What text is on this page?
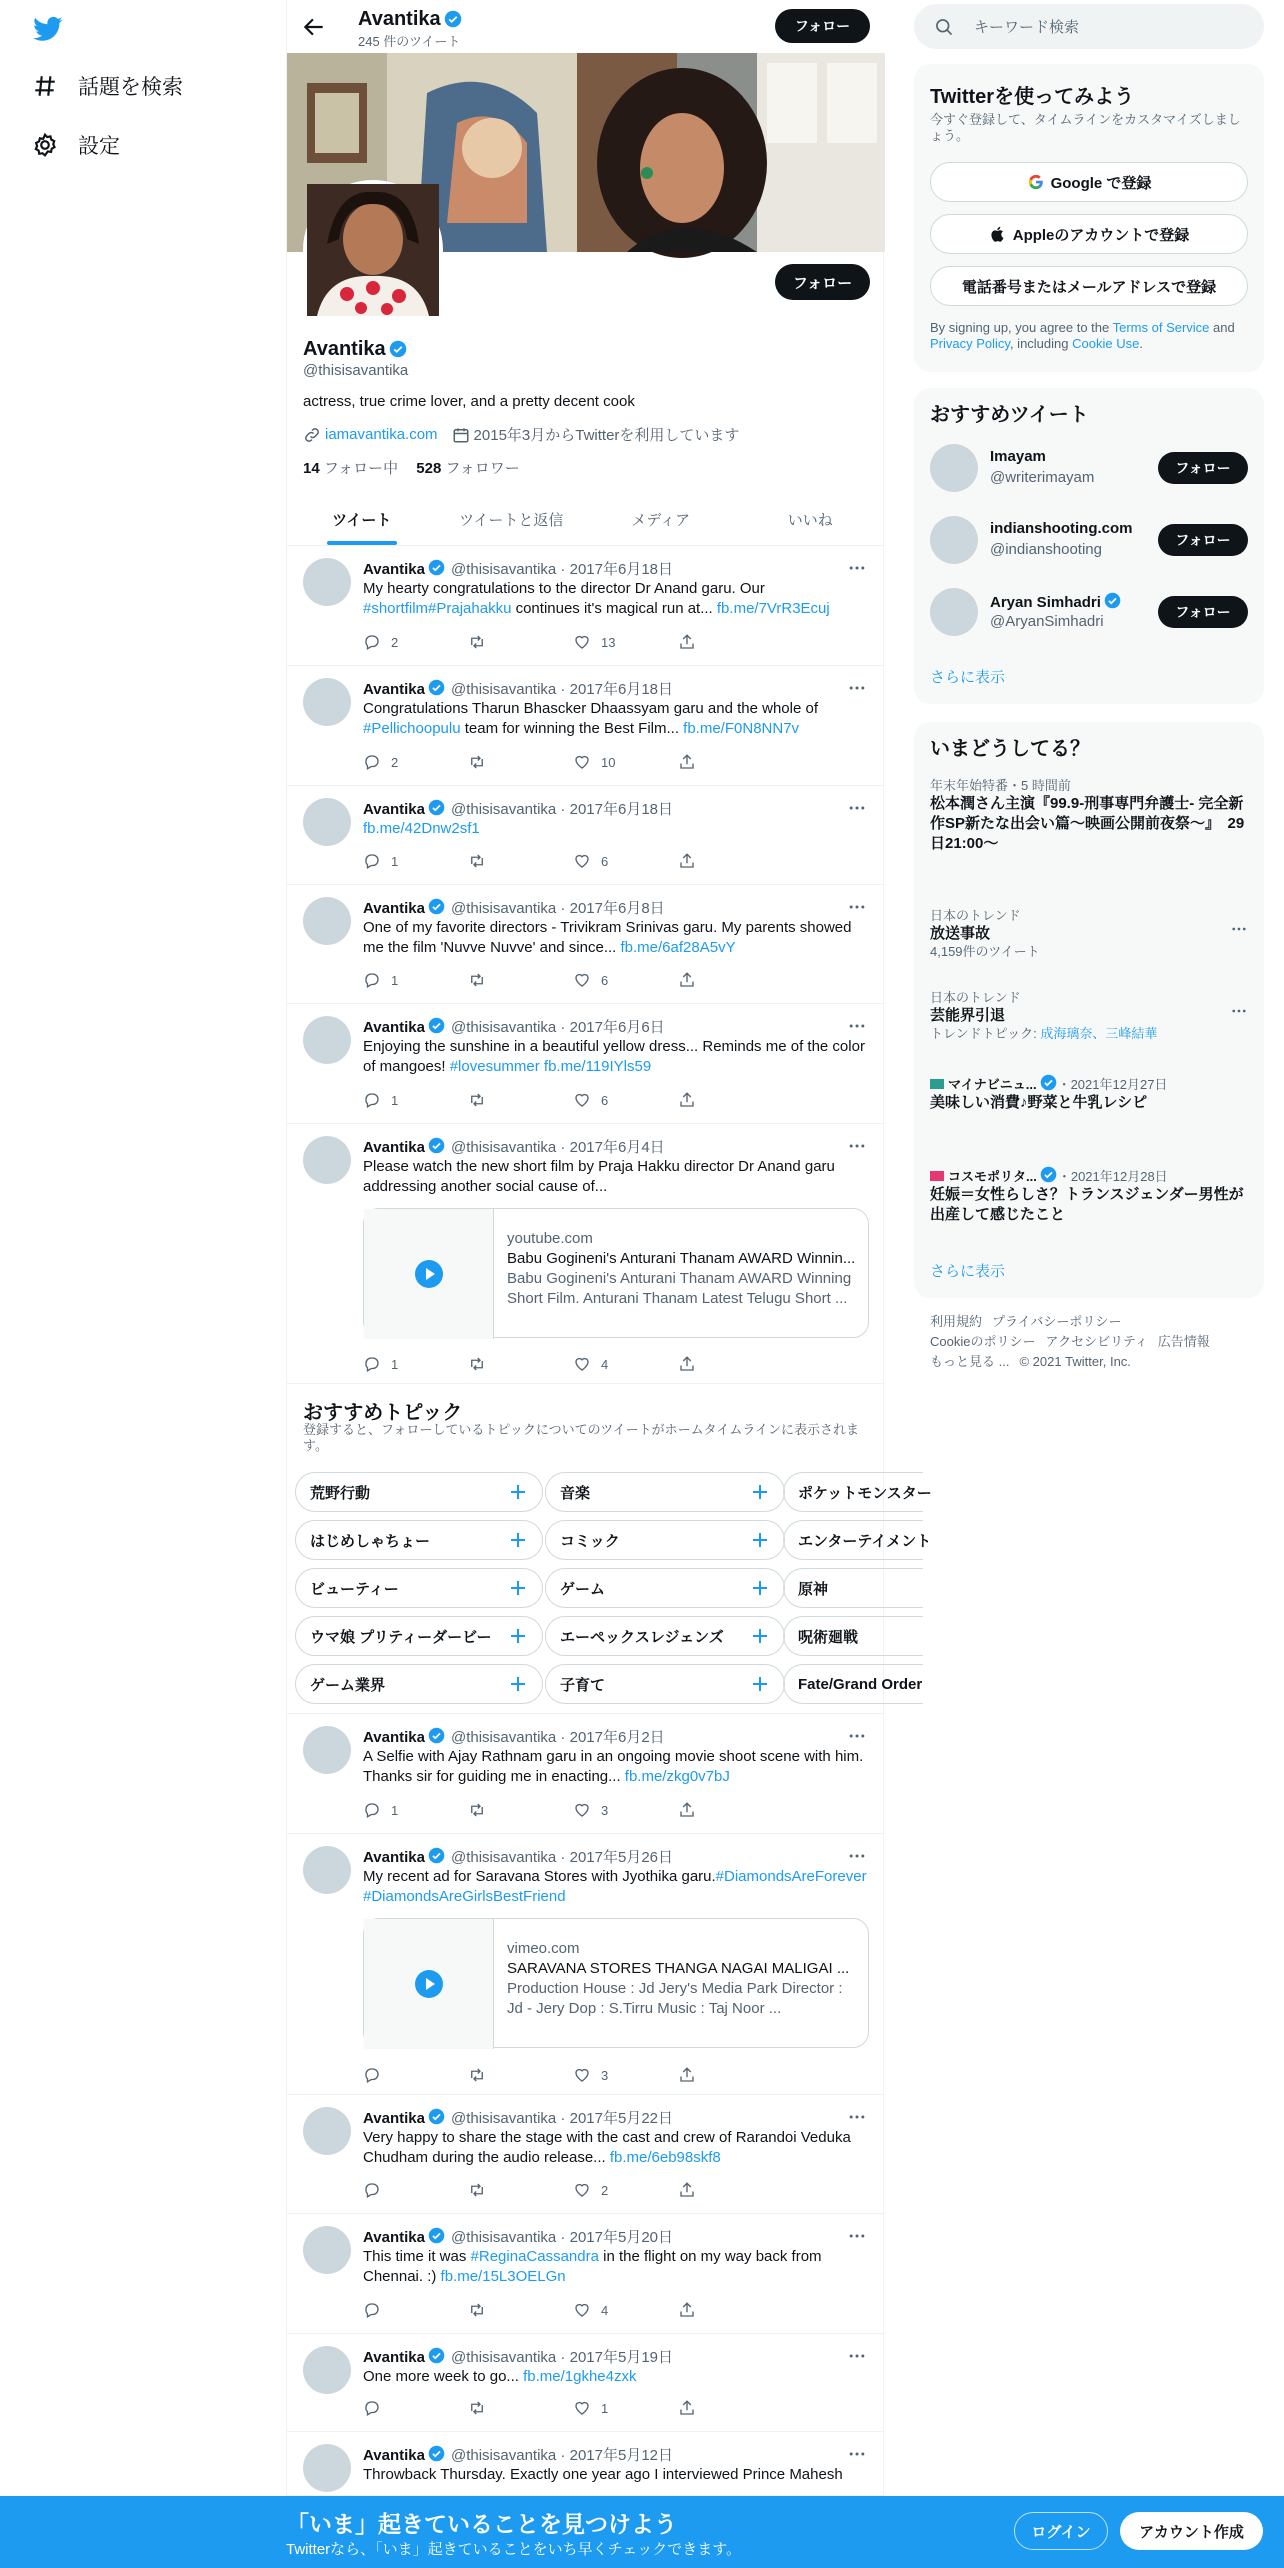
話題を検索
設定
Avantika
245 件のツイート
フォロー
フォロー
Avantika
@thisisavantika
actress, true crime lover, and a pretty decent cook
iamavantika.com 2015年3月からTwitterを利用しています
14 フォロー中 528 フォロワー
ツイート	ツイートと返信	メディア	いいね
Avantika @thisisavantika · 2017年6月18日
My hearty congratulations to the director Dr Anand garu. Our #shortfilm#Prajahakku continues it's magical run at... fb.me/7VrR3Ecuj
2	13
Avantika @thisisavantika · 2017年6月18日
Congratulations Tharun Bhascker Dhaassyam garu and the whole of #Pellichoopulu team for winning the Best Film... fb.me/F0N8NN7v
2	10
Avantika @thisisavantika · 2017年6月18日
fb.me/42Dnw2sf1
1	6
Avantika @thisisavantika · 2017年6月8日
One of my favorite directors - Trivikram Srinivas garu. My parents showed me the film 'Nuvve Nuvve' and since... fb.me/6af28A5vY
1	6
Avantika @thisisavantika · 2017年6月6日
Enjoying the sunshine in a beautiful yellow dress... Reminds me of the color of mangoes! #lovesummer fb.me/119IYls59
1	6
Avantika @thisisavantika · 2017年6月4日
Please watch the new short film by Praja Hakku director Dr Anand garu addressing another social cause of...
youtube.com
Babu Gogineni's Anturani Thanam AWARD Winnin...
Babu Gogineni's Anturani Thanam AWARD Winning Short Film. Anturani Thanam Latest Telugu Short ...
1	4
Avantika @thisisavantika · 2017年6月2日
A Selfie with Ajay Rathnam garu in an ongoing movie shoot scene with him. Thanks sir for guiding me in enacting... fb.me/zkg0v7bJ
1	3
Avantika @thisisavantika · 2017年5月26日
My recent ad for Saravana Stores with Jyothika garu.#DiamondsAreForever #DiamondsAreGirlsBestFriend
vimeo.com
SARAVANA STORES THANGA NAGAI MALIGAI ...
Production House : Jd Jery's Media Park Director : Jd - Jery Dop : S.Tirru Music : Taj Noor ...
3
Avantika @thisisavantika · 2017年5月22日
Very happy to share the stage with the cast and crew of Rarandoi Veduka Chudham during the audio release... fb.me/6eb98skf8
2
Avantika @thisisavantika · 2017年5月20日
This time it was #ReginaCassandra in the flight on my way back from Chennai. :) fb.me/15L3OELGn
4
Avantika @thisisavantika · 2017年5月19日
One more week to go... fb.me/1gkhe4zxk
1
Avantika @thisisavantika · 2017年5月12日
Throwback Thursday. Exactly one year ago I interviewed Prince Mahesh
おすすめトピック
登録すると、フォローしているトピックについてのツイートがホームタイムラインに表示されます。
荒野行動	音楽	ポケットモンスター
はじめしゃちょー	コミック	エンターテイメント
ビューティー	ゲーム	原神
ウマ娘 プリティーダービー	エーペックスレジェンズ	呪術廻戦
ゲーム業界	子育て	Fate/Grand Order
キーワード検索
Twitterを使ってみよう
今すぐ登録して、タイムラインをカスタマイズしましょう。
Google で登録
Appleのアカウントで登録
電話番号またはメールアドレスで登録
By signing up, you agree to the Terms of Service and Privacy Policy, including Cookie Use.
おすすめツイート
Imayam
@writerimayam
フォロー
indianshooting.com
@indianshooting
フォロー
Aryan Simhadri
@AryanSimhadri
フォロー
さらに表示
いまどうしてる？
年末年始特番・5 時間前
松本潤さん主演『99.9-刑事専門弁護士- 完全新作SP新たな出会い篇〜映画公開前夜祭〜』　29日21:00〜
日本のトレンド
放送事故
4,159件のツイート
日本のトレンド
芸能界引退
トレンドトピック: 成海璃奈、三峰結華
マイナビニュ... ・2021年12月27日
美味しい消費♪野菜と牛乳レシピ
コスモポリタ... ・2021年12月28日
妊娠＝女性らしさ？トランスジェンダー男性が出産して感じたこと
さらに表示
利用規約 プライバシーポリシー
Cookieのポリシー アクセシビリティ 広告情報
もっと見る ... © 2021 Twitter, Inc.
「いま」起きていることを見つけよう
Twitterなら、「いま」起きていることをいち早くチェックできます。
ログイン	アカウント作成
